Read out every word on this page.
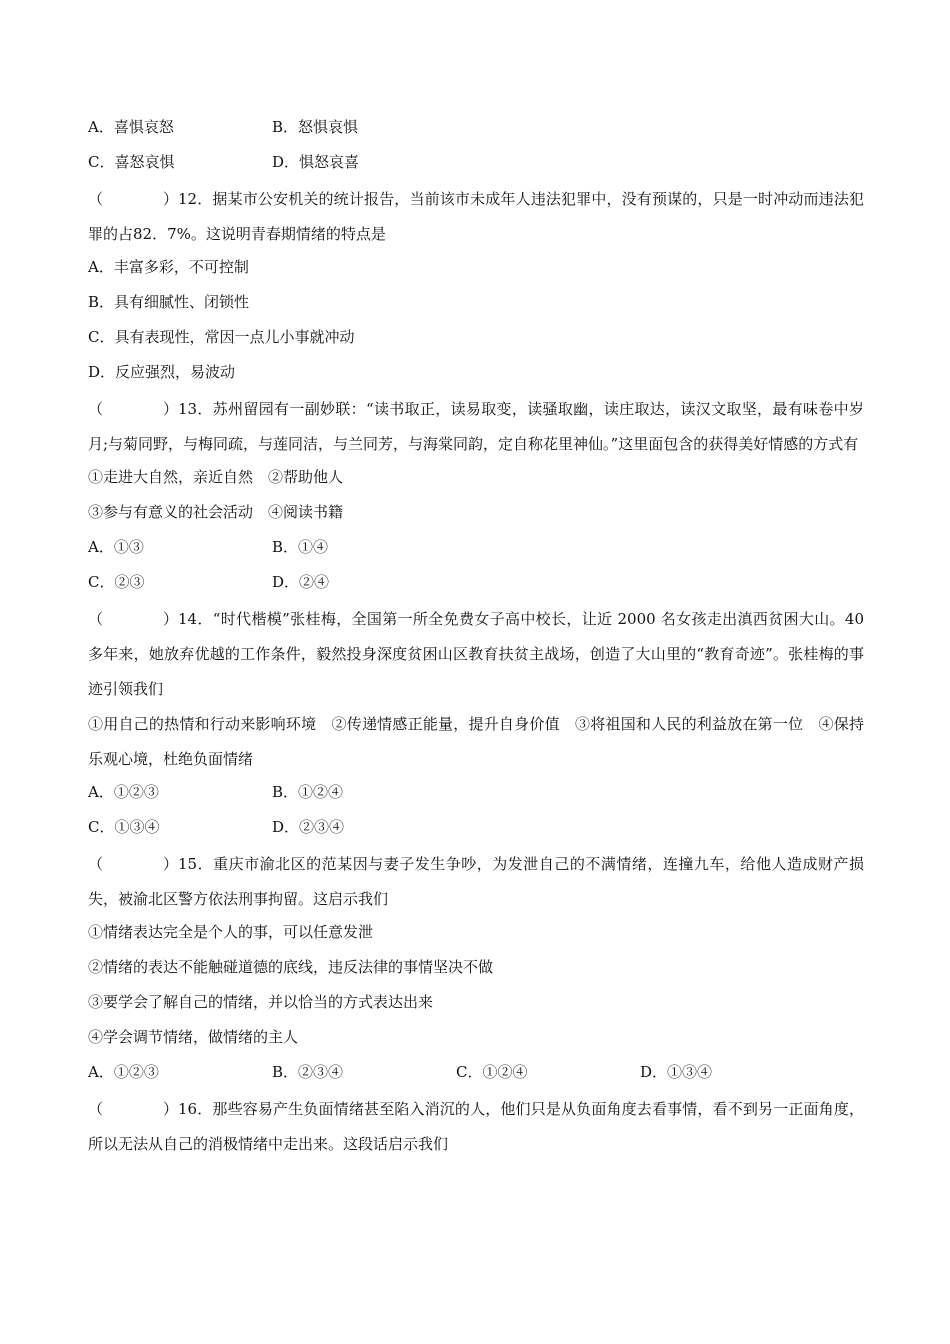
A．喜惧哀怒	B．怒惧哀惧
C．喜怒哀惧	D．惧怒哀喜
（　　　　）12．据某市公安机关的统计报告，当前该市未成年人违法犯罪中，没有预谋的，只是一时冲动而违法犯罪的占82．7%。这说明青春期情绪的特点是
A．丰富多彩，不可控制
B．具有细腻性、闭锁性
C．具有表现性，常因一点儿小事就冲动
D．反应强烈，易波动
（　　　　）13．苏州留园有一副妙联：“读书取正，读易取变，读骚取幽，读庄取达，读汉文取坚，最有味卷中岁月;与菊同野，与梅同疏，与莲同洁，与兰同芳，与海棠同韵，定自称花里神仙。”这里面包含的获得美好情感的方式有
①走进大自然，亲近自然　②帮助他人
③参与有意义的社会活动　④阅读书籍
A．①③	B．①④
C．②③	D．②④
（　　　　）14．“时代楷模”张桂梅，全国第一所全免费女子高中校长，让近 2000 名女孩走出滇西贫困大山。40 多年来，她放弃优越的工作条件，毅然投身深度贫困山区教育扶贫主战场，创造了大山里的“教育奇迹”。张桂梅的事迹引领我们
①用自己的热情和行动来影响环境　②传递情感正能量，提升自身价值　③将祖国和人民的利益放在第一位　④保持乐观心境，杜绝负面情绪
A．①②③	B．①②④
C．①③④	D．②③④
（　　　　）15．重庆市渝北区的范某因与妻子发生争吵，为发泄自己的不满情绪，连撞九车，给他人造成财产损失，被渝北区警方依法刑事拘留。这启示我们
①情绪表达完全是个人的事，可以任意发泄
②情绪的表达不能触碰道德的底线，违反法律的事情坚决不做
③要学会了解自己的情绪，并以恰当的方式表达出来
④学会调节情绪，做情绪的主人
A．①②③	B．②③④	C．①②④	D．①③④
（　　　　）16．那些容易产生负面情绪甚至陷入消沉的人，他们只是从负面角度去看事情，看不到另一正面角度，所以无法从自己的消极情绪中走出来。这段话启示我们
